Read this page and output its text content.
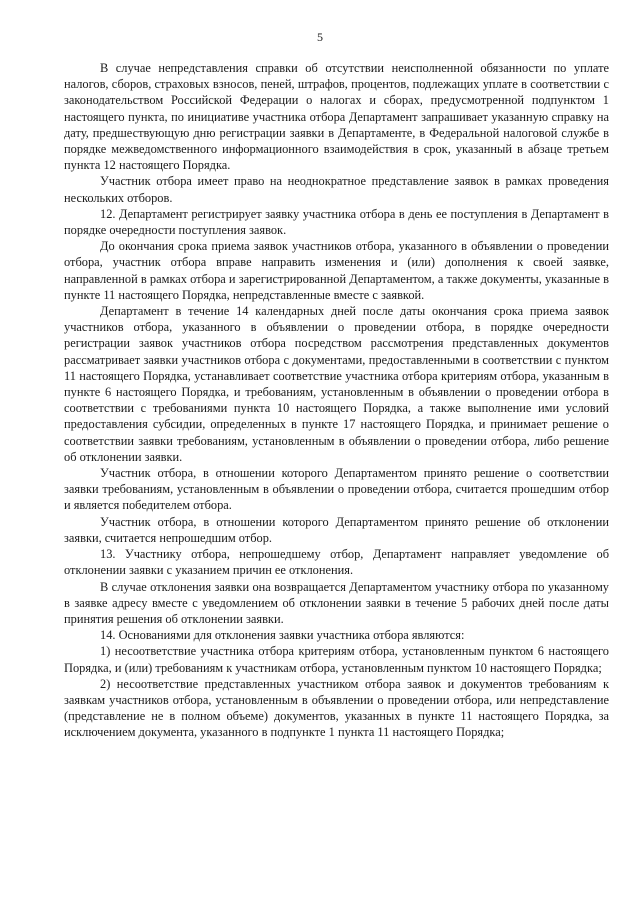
5

В случае непредставления справки об отсутствии неисполненной обязанности по уплате налогов, сборов, страховых взносов, пеней, штрафов, процентов, подлежащих уплате в соответствии с законодательством Российской Федерации о налогах и сборах, предусмотренной подпунктом 1 настоящего пункта, по инициативе участника отбора Департамент запрашивает указанную справку на дату, предшествующую дню регистрации заявки в Департаменте, в Федеральной налоговой службе в порядке межведомственного информационного взаимодействия в срок, указанный в абзаце третьем пункта 12 настоящего Порядка.

Участник отбора имеет право на неоднократное представление заявок в рамках проведения нескольких отборов.

12. Департамент регистрирует заявку участника отбора в день ее поступления в Департамент в порядке очередности поступления заявок.

До окончания срока приема заявок участников отбора, указанного в объявлении о проведении отбора, участник отбора вправе направить изменения и (или) дополнения к своей заявке, направленной в рамках отбора и зарегистрированной Департаментом, а также документы, указанные в пункте 11 настоящего Порядка, непредставленные вместе с заявкой.

Департамент в течение 14 календарных дней после даты окончания срока приема заявок участников отбора, указанного в объявлении о проведении отбора, в порядке очередности регистрации заявок участников отбора посредством рассмотрения представленных документов рассматривает заявки участников отбора с документами, предоставленными в соответствии с пунктом 11 настоящего Порядка, устанавливает соответствие участника отбора критериям отбора, указанным в пункте 6 настоящего Порядка, и требованиям, установленным в объявлении о проведении отбора в соответствии с требованиями пункта 10 настоящего Порядка, а также выполнение ими условий предоставления субсидии, определенных в пункте 17 настоящего Порядка, и принимает решение о соответствии заявки требованиям, установленным в объявлении о проведении отбора, либо решение об отклонении заявки.

Участник отбора, в отношении которого Департаментом принято решение о соответствии заявки требованиям, установленным в объявлении о проведении отбора, считается прошедшим отбор и является победителем отбора.

Участник отбора, в отношении которого Департаментом принято решение об отклонении заявки, считается непрошедшим отбор.

13. Участнику отбора, непрошедшему отбор, Департамент направляет уведомление об отклонении заявки с указанием причин ее отклонения.

В случае отклонения заявки она возвращается Департаментом участнику отбора по указанному в заявке адресу вместе с уведомлением об отклонении заявки в течение 5 рабочих дней после даты принятия решения об отклонении заявки.

14. Основаниями для отклонения заявки участника отбора являются:

1) несоответствие участника отбора критериям отбора, установленным пунктом 6 настоящего Порядка, и (или) требованиям к участникам отбора, установленным пунктом 10 настоящего Порядка;

2) несоответствие представленных участником отбора заявок и документов требованиям к заявкам участников отбора, установленным в объявлении о проведении отбора, или непредставление (представление не в полном объеме) документов, указанных в пункте 11 настоящего Порядка, за исключением документа, указанного в подпункте 1 пункта 11 настоящего Порядка;
